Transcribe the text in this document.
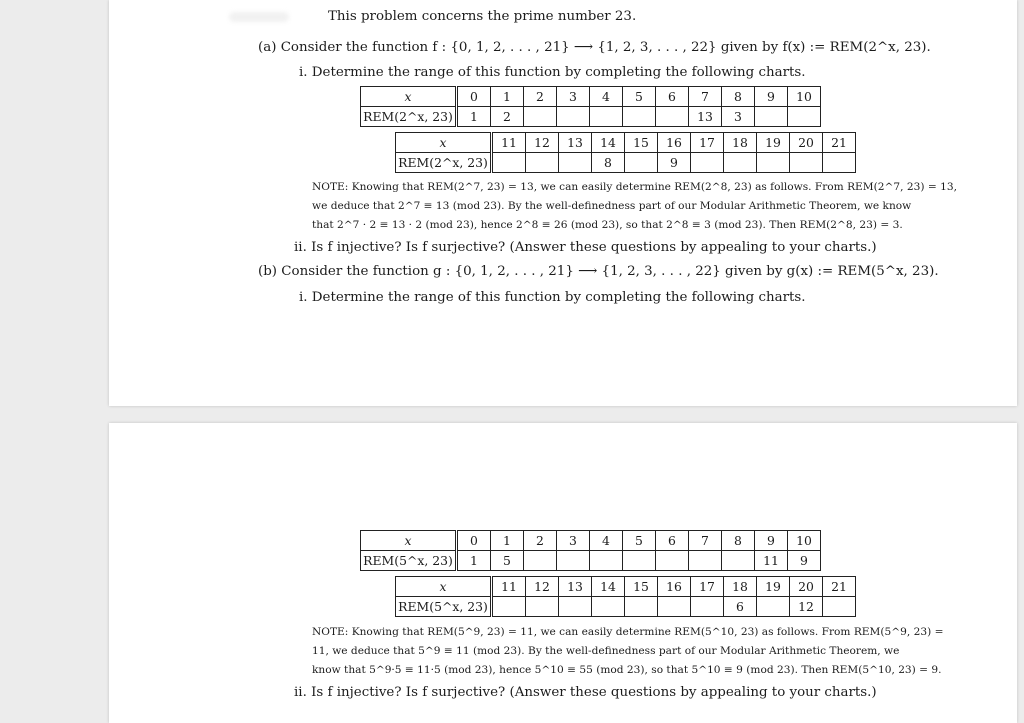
This problem concerns the prime number 23.
(a) Consider the function f : {0, 1, 2, . . . , 21} ⟶ {1, 2, 3, . . . , 22} given by f(x) := REM(2^x, 23).
i. Determine the range of this function by completing the following charts.
x	0	1	2	3	4	5	6	7	8	9	10
REM(2^x, 23)	1	2						13	3		
x	11	12	13	14	15	16	17	18	19	20	21
REM(2^x, 23)				8		9					
NOTE: Knowing that REM(2^7, 23) = 13, we can easily determine REM(2^8, 23) as follows. From REM(2^7, 23) = 13,
we deduce that 2^7 ≡ 13 (mod 23). By the well-definedness part of our Modular Arithmetic Theorem, we know
that 2^7 · 2 ≡ 13 · 2 (mod 23), hence 2^8 ≡ 26 (mod 23), so that 2^8 ≡ 3 (mod 23). Then REM(2^8, 23) = 3.
ii. Is f injective? Is f surjective? (Answer these questions by appealing to your charts.)
(b) Consider the function g : {0, 1, 2, . . . , 21} ⟶ {1, 2, 3, . . . , 22} given by g(x) := REM(5^x, 23).
i. Determine the range of this function by completing the following charts.
x	0	1	2	3	4	5	6	7	8	9	10
REM(5^x, 23)	1	5								11	9
x	11	12	13	14	15	16	17	18	19	20	21
REM(5^x, 23)								6		12	
NOTE: Knowing that REM(5^9, 23) = 11, we can easily determine REM(5^10, 23) as follows. From REM(5^9, 23) =
11, we deduce that 5^9 ≡ 11 (mod 23). By the well-definedness part of our Modular Arithmetic Theorem, we
know that 5^9·5 ≡ 11·5 (mod 23), hence 5^10 ≡ 55 (mod 23), so that 5^10 ≡ 9 (mod 23). Then REM(5^10, 23) = 9.
ii. Is f injective? Is f surjective? (Answer these questions by appealing to your charts.)
